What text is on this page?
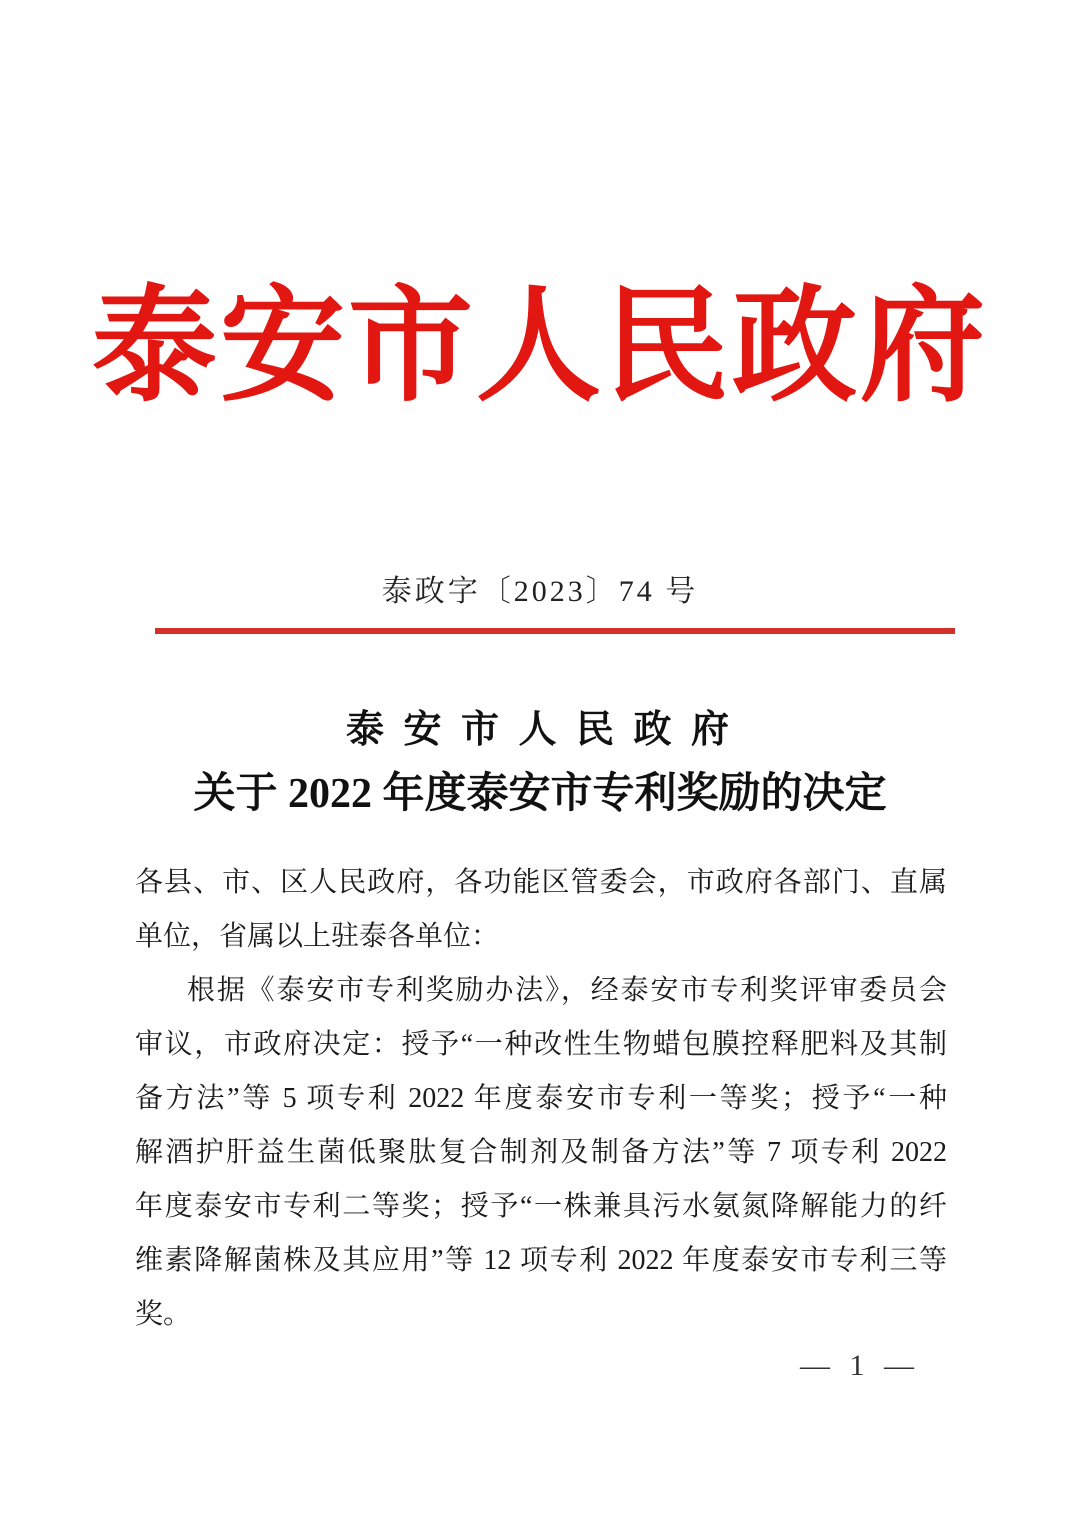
泰安市人民政府
泰政字〔2023〕74 号
泰 安 市 人 民 政 府
关于 2022 年度泰安市专利奖励的决定
各县、市、区人民政府，各功能区管委会，市政府各部门、直属
单位，省属以上驻泰各单位：
根据《泰安市专利奖励办法》，经泰安市专利奖评审委员会
审议，市政府决定：授予“一种改性生物蜡包膜控释肥料及其制
备方法”等 5 项专利 2022 年度泰安市专利一等奖；授予“一种
解酒护肝益生菌低聚肽复合制剂及制备方法”等 7 项专利 2022
年度泰安市专利二等奖；授予“一株兼具污水氨氮降解能力的纤
维素降解菌株及其应用”等 12 项专利 2022 年度泰安市专利三等
奖。
— 1 —
